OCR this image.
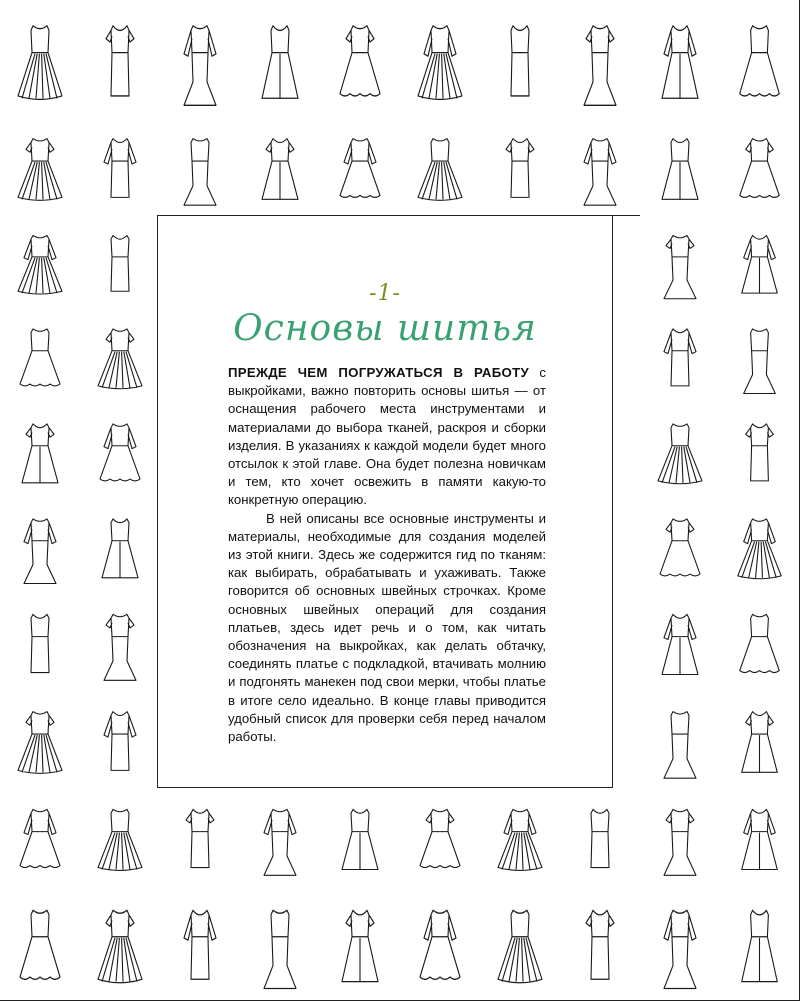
-1-
Основы шитья

ПРЕЖДЕ ЧЕМ ПОГРУЖАТЬСЯ В РАБОТУ с выкройками, важно повторить основы шитья — от оснащения рабочего места инструментами и материалами до выбора тканей, раскроя и сборки изделия. В указаниях к каждой модели будет много отсылок к этой главе. Она будет полезна новичкам и тем, кто хочет освежить в памяти какую-то конкретную операцию.

В ней описаны все основные инструменты и материалы, необходимые для создания моделей из этой книги. Здесь же содержится гид по тканям: как выбирать, обрабатывать и ухаживать. Также говорится об основных швейных строчках. Кроме основных швейных операций для создания платьев, здесь идет речь и о том, как читать обозначения на выкройках, как делать обтачку, соединять платье с подкладкой, втачивать молнию и подгонять манекен под свои мерки, чтобы платье в итоге село идеально. В конце главы приводится удобный список для проверки себя перед началом работы.
